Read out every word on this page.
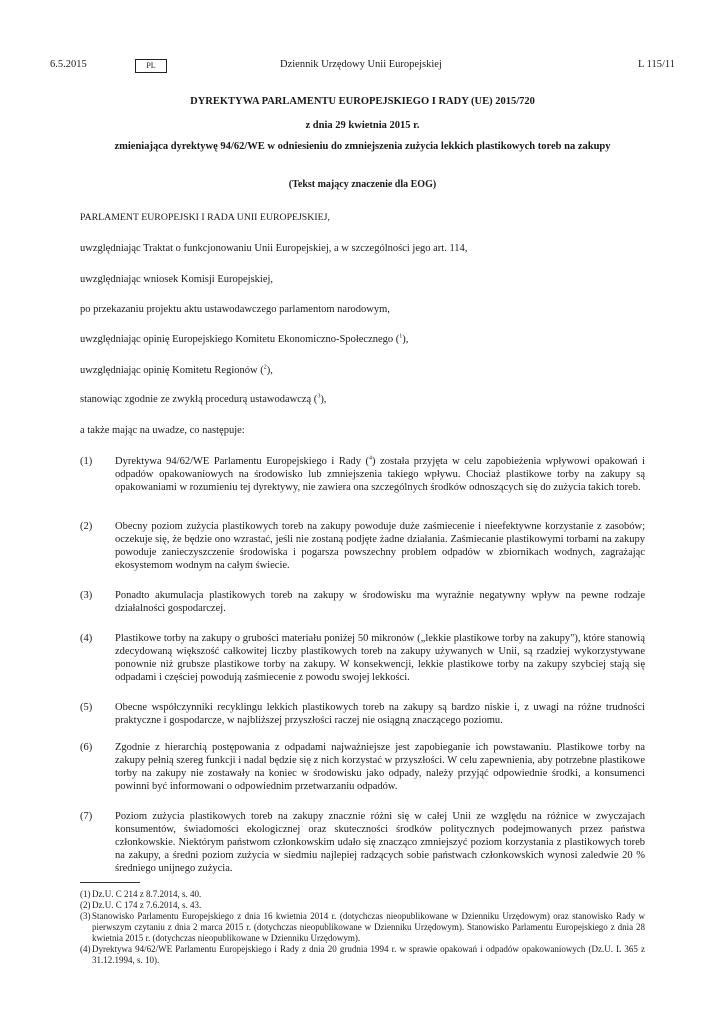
6.5.2015	PL	Dziennik Urzędowy Unii Europejskiej	L 115/11
DYREKTYWA PARLAMENTU EUROPEJSKIEGO I RADY (UE) 2015/720
z dnia 29 kwietnia 2015 r.
zmieniająca dyrektywę 94/62/WE w odniesieniu do zmniejszenia zużycia lekkich plastikowych toreb na zakupy
(Tekst mający znaczenie dla EOG)
PARLAMENT EUROPEJSKI I RADA UNII EUROPEJSKIEJ,
uwzględniając Traktat o funkcjonowaniu Unii Europejskiej, a w szczególności jego art. 114,
uwzględniając wniosek Komisji Europejskiej,
po przekazaniu projektu aktu ustawodawczego parlamentom narodowym,
uwzględniając opinię Europejskiego Komitetu Ekonomiczno-Społecznego ($^1$),
uwzględniając opinię Komitetu Regionów ($^2$),
stanowiąc zgodnie ze zwykłą procedurą ustawodawczą ($^3$),
a także mając na uwadze, co następuje:
(1)	Dyrektywa 94/62/WE Parlamentu Europejskiego i Rady ($^4$) została przyjęta w celu zapobieżenia wpływowi opakowań i odpadów opakowaniowych na środowisko lub zmniejszenia takiego wpływu. Chociaż plastikowe torby na zakupy są opakowaniami w rozumieniu tej dyrektywy, nie zawiera ona szczególnych środków odnoszących się do zużycia takich toreb.
(2)	Obecny poziom zużycia plastikowych toreb na zakupy powoduje duże zaśmiecenie i nieefektywne korzystanie z zasobów; oczekuje się, że będzie ono wzrastać, jeśli nie zostaną podjęte żadne działania. Zaśmiecanie plastikowymi torbami na zakupy powoduje zanieczyszczenie środowiska i pogarsza powszechny problem odpadów w zbiornikach wodnych, zagrażając ekosystemom wodnym na całym świecie.
(3)	Ponadto akumulacja plastikowych toreb na zakupy w środowisku ma wyraźnie negatywny wpływ na pewne rodzaje działalności gospodarczej.
(4)	Plastikowe torby na zakupy o grubości materiału poniżej 50 mikronów („lekkie plastikowe torby na zakupy"), które stanowią zdecydowaną większość całkowitej liczby plastikowych toreb na zakupy używanych w Unii, są rzadziej wykorzystywane ponownie niż grubsze plastikowe torby na zakupy. W konsekwencji, lekkie plastikowe torby na zakupy szybciej stają się odpadami i częściej powodują zaśmiecenie z powodu swojej lekkości.
(5)	Obecne współczynniki recyklingu lekkich plastikowych toreb na zakupy są bardzo niskie i, z uwagi na różne trudności praktyczne i gospodarcze, w najbliższej przyszłości raczej nie osiągną znaczącego poziomu.
(6)	Zgodnie z hierarchią postępowania z odpadami najważniejsze jest zapobieganie ich powstawaniu. Plastikowe torby na zakupy pełnią szereg funkcji i nadal będzie się z nich korzystać w przyszłości. W celu zapewnienia, aby potrzebne plastikowe torby na zakupy nie zostawały na koniec w środowisku jako odpady, należy przyjąć odpowiednie środki, a konsumenci powinni być informowani o odpowiednim przetwarzaniu odpadów.
(7)	Poziom zużycia plastikowych toreb na zakupy znacznie różni się w całej Unii ze względu na różnice w zwyczajach konsumentów, świadomości ekologicznej oraz skuteczności środków politycznych podejmowanych przez państwa członkowskie. Niektórym państwom członkowskim udało się znacząco zmniejszyć poziom korzystania z plastikowych toreb na zakupy, a średni poziom zużycia w siedmiu najlepiej radzących sobie państwach członkowskich wynosi zaledwie 20 % średniego unijnego zużycia.
(1) Dz.U. C 214 z 8.7.2014, s. 40.
(2) Dz.U. C 174 z 7.6.2014, s. 43.
(3) Stanowisko Parlamentu Europejskiego z dnia 16 kwietnia 2014 r. (dotychczas nieopublikowane w Dzienniku Urzędowym) oraz stanowisko Rady w pierwszym czytaniu z dnia 2 marca 2015 r. (dotychczas nieopublikowane w Dzienniku Urzędowym). Stanowisko Parlamentu Europejskiego z dnia 28 kwietnia 2015 r. (dotychczas nieopublikowane w Dzienniku Urzędowym).
(4) Dyrektywa 94/62/WE Parlamentu Europejskiego i Rady z dnia 20 grudnia 1994 r. w sprawie opakowań i odpadów opakowaniowych (Dz.U. L 365 z 31.12.1994, s. 10).
